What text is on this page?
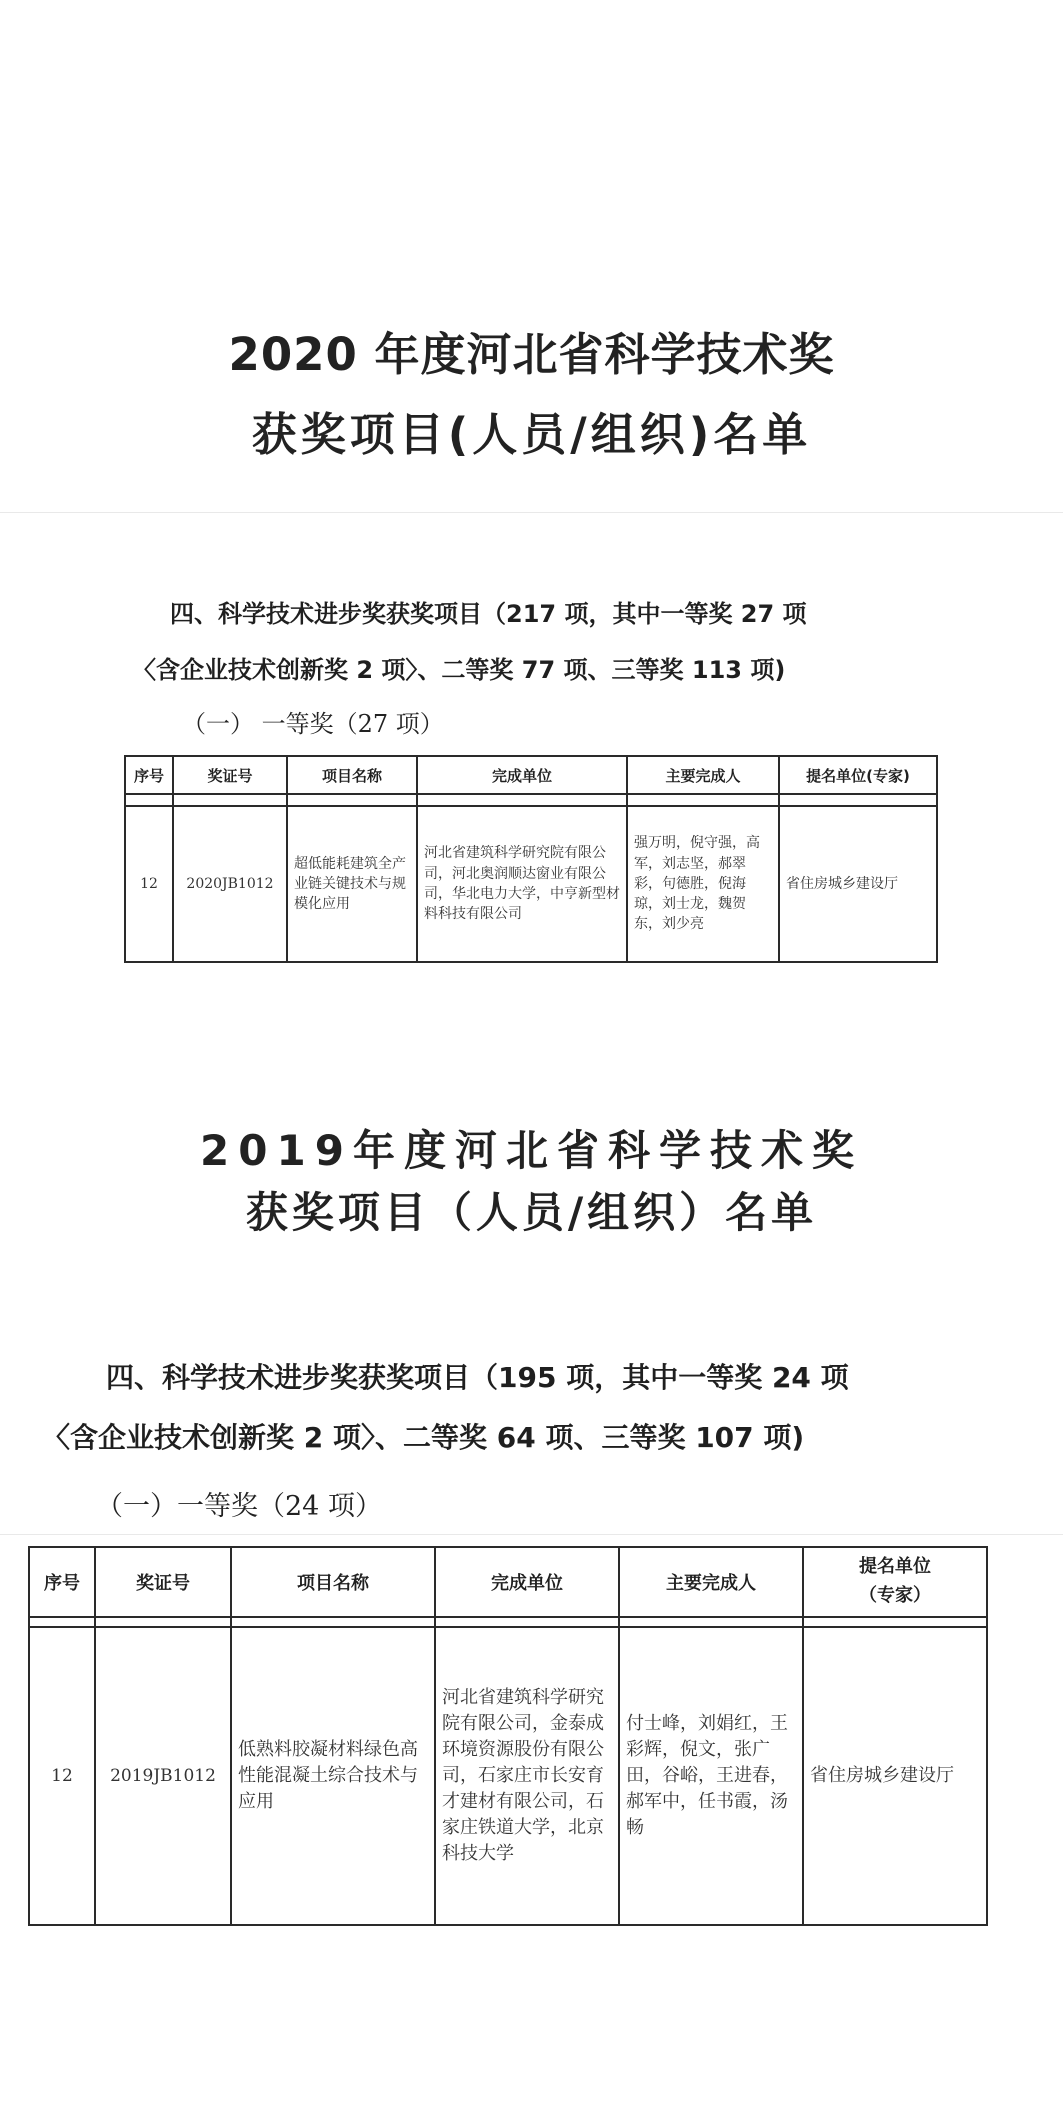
2020 年度河北省科学技术奖
获奖项目(人员/组织)名单
四、科学技术进步奖获奖项目（217 项，其中一等奖 27 项
〈含企业技术创新奖 2 项〉、二等奖 77 项、三等奖 113 项)
（一） 一等奖（27 项）
序号	奖证号	项目名称	完成单位	主要完成人	提名单位(专家)

12	2020JB1012	超低能耗建筑全产业链关键技术与规模化应用	河北省建筑科学研究院有限公司，河北奥润顺达窗业有限公司，华北电力大学，中亨新型材料科技有限公司	强万明，倪守强，高军，刘志坚，郝翠彩，句德胜，倪海琼，刘士龙，魏贺东，刘少亮	省住房城乡建设厅
2019年度河北省科学技术奖
获奖项目（人员/组织）名单
四、科学技术进步奖获奖项目（195 项，其中一等奖 24 项
〈含企业技术创新奖 2 项〉、二等奖 64 项、三等奖 107 项)
（一）一等奖（24 项）
序号	奖证号	项目名称	完成单位	主要完成人	提名单位
（专家）

12	2019JB1012	低熟料胶凝材料绿色高性能混凝土综合技术与应用	河北省建筑科学研究院有限公司，金泰成环境资源股份有限公司，石家庄市长安育才建材有限公司，石家庄铁道大学，北京科技大学	付士峰，刘娟红，王彩辉，倪文，张广田，谷峪，王进春，郝军中，任书霞，汤畅	省住房城乡建设厅
